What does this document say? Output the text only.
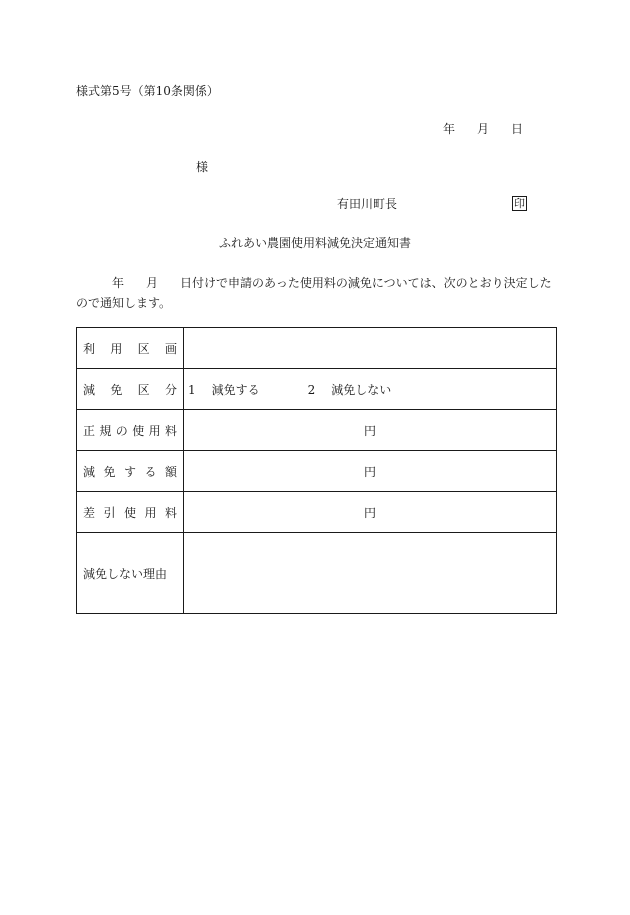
様式第5号（第10条関係）
年 月 日
様
有田川町長	印
ふれあい農園使用料減免決定通知書
年 月 日付けで申請のあった使用料の減免については、次のとおり決定したので通知します。
利用区画	
減免区分	1 減免する 2 減免しない
正規の使用料	円
減免する額	円
差引使用料	円
減免しない理由	
